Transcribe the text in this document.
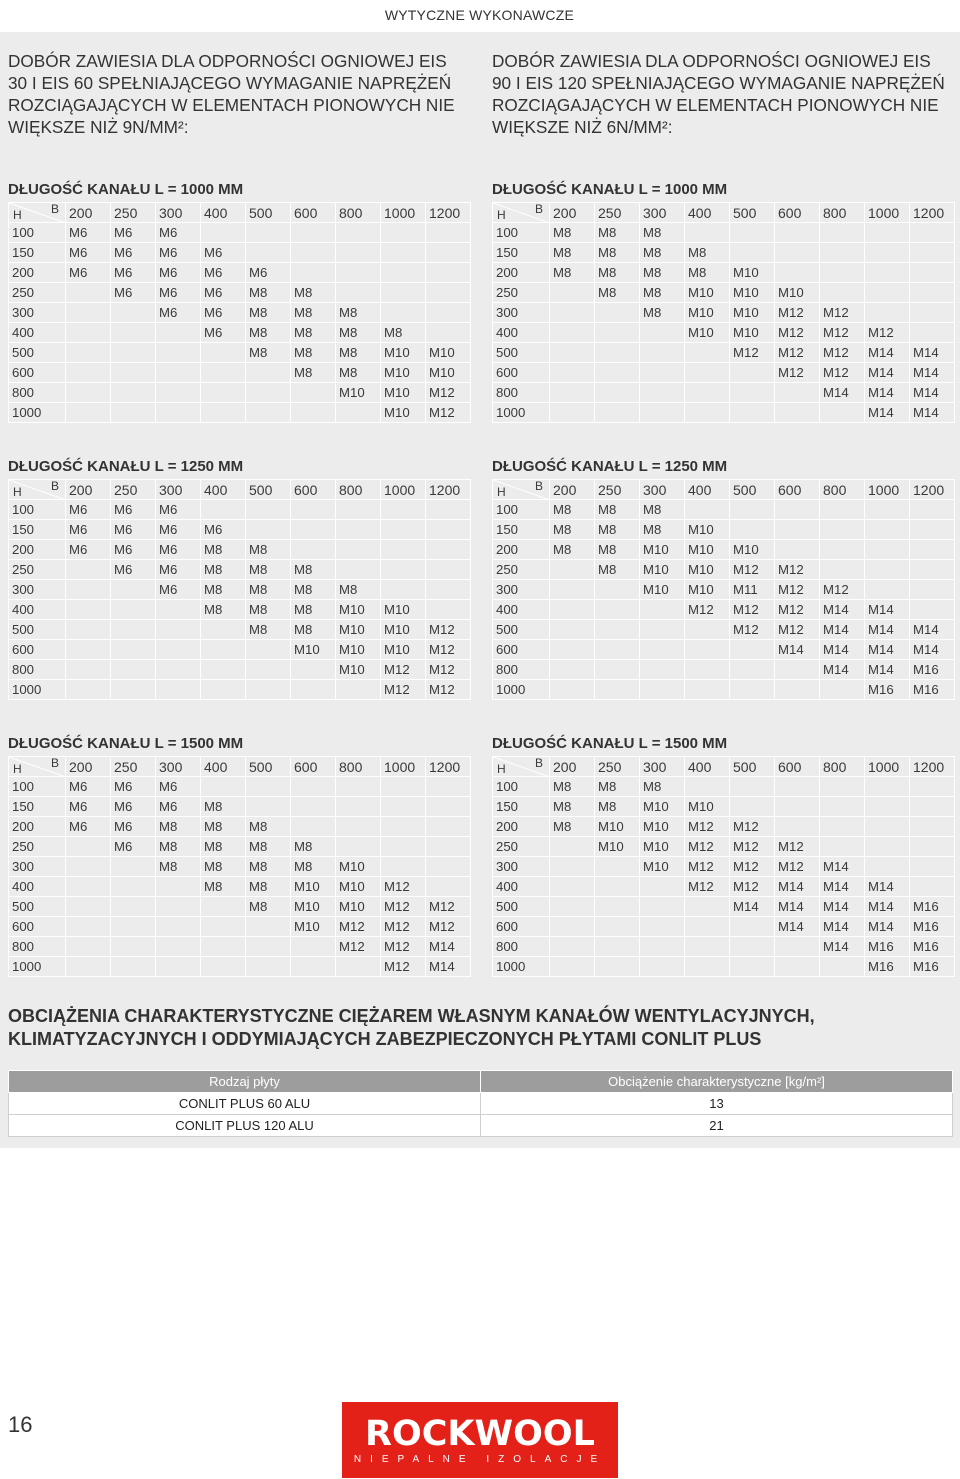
WYTYCZNE WYKONAWCZE
DOBÓR ZAWIESIA DLA ODPORNOŚCI OGNIOWEJ EIS 30 I EIS 60 SPEŁNIAJĄCEGO WYMAGANIE NAPRĘŻEŃ ROZCIĄGAJĄCYCH W ELEMENTACH PIONOWYCH NIE WIĘKSZE NIŻ 9N/MM²:
DOBÓR ZAWIESIA DLA ODPORNOŚCI OGNIOWEJ EIS 90 I EIS 120 SPEŁNIAJĄCEGO WYMAGANIE NAPRĘŻEŃ ROZCIĄGAJĄCYCH W ELEMENTACH PIONOWYCH NIE WIĘKSZE NIŻ 6N/MM²:
DŁUGOŚĆ KANAŁU L = 1000 MM
H B	200	250	300	400	500	600	800	1000	1200
100	M6	M6	M6						
150	M6	M6	M6	M6					
200	M6	M6	M6	M6	M6				
250		M6	M6	M6	M8	M8			
300			M6	M6	M8	M8	M8		
400				M6	M8	M8	M8	M8	
500					M8	M8	M8	M10	M10
600						M8	M8	M10	M10
800							M10	M10	M12
1000								M10	M12
DŁUGOŚĆ KANAŁU L = 1000 MM
H B	200	250	300	400	500	600	800	1000	1200
100	M8	M8	M8						
150	M8	M8	M8	M8					
200	M8	M8	M8	M8	M10				
250		M8	M8	M10	M10	M10			
300			M8	M10	M10	M12	M12		
400				M10	M10	M12	M12	M12	
500					M12	M12	M12	M14	M14
600						M12	M12	M14	M14
800							M14	M14	M14
1000								M14	M14
DŁUGOŚĆ KANAŁU L = 1250 MM
H B	200	250	300	400	500	600	800	1000	1200
100	M6	M6	M6						
150	M6	M6	M6	M6					
200	M6	M6	M6	M8	M8				
250		M6	M6	M8	M8	M8			
300			M6	M8	M8	M8	M8		
400				M8	M8	M8	M10	M10	
500					M8	M8	M10	M10	M12
600						M10	M10	M10	M12
800							M10	M12	M12
1000								M12	M12
DŁUGOŚĆ KANAŁU L = 1250 MM
H B	200	250	300	400	500	600	800	1000	1200
100	M8	M8	M8						
150	M8	M8	M8	M10					
200	M8	M8	M10	M10	M10				
250		M8	M10	M10	M12	M12			
300			M10	M10	M11	M12	M12		
400				M12	M12	M12	M14	M14	
500					M12	M12	M14	M14	M14
600						M14	M14	M14	M14
800							M14	M14	M16
1000								M16	M16
DŁUGOŚĆ KANAŁU L = 1500 MM
H B	200	250	300	400	500	600	800	1000	1200
100	M6	M6	M6						
150	M6	M6	M6	M8					
200	M6	M6	M8	M8	M8				
250		M6	M8	M8	M8	M8			
300			M8	M8	M8	M8	M10		
400				M8	M8	M10	M10	M12	
500					M8	M10	M10	M12	M12
600						M10	M12	M12	M12
800							M12	M12	M14
1000								M12	M14
DŁUGOŚĆ KANAŁU L = 1500 MM
H B	200	250	300	400	500	600	800	1000	1200
100	M8	M8	M8						
150	M8	M8	M10	M10					
200	M8	M10	M10	M12	M12				
250		M10	M10	M12	M12	M12			
300			M10	M12	M12	M12	M14		
400				M12	M12	M14	M14	M14	
500					M14	M14	M14	M14	M16
600						M14	M14	M14	M16
800							M14	M16	M16
1000								M16	M16
OBCIĄŻENIA CHARAKTERYSTYCZNE CIĘŻAREM WŁASNYM KANAŁÓW WENTYLACYJNYCH, KLIMATYZACYJNYCH I ODDYMIAJĄCYCH ZABEZPIECZONYCH PŁYTAMI CONLIT PLUS
Rodzaj płyty	Obciążenie charakterystyczne [kg/m²]
CONLIT PLUS 60 ALU	13
CONLIT PLUS 120 ALU	21
16	ROCKWOOL
NIEPALNE IZOLACJE
